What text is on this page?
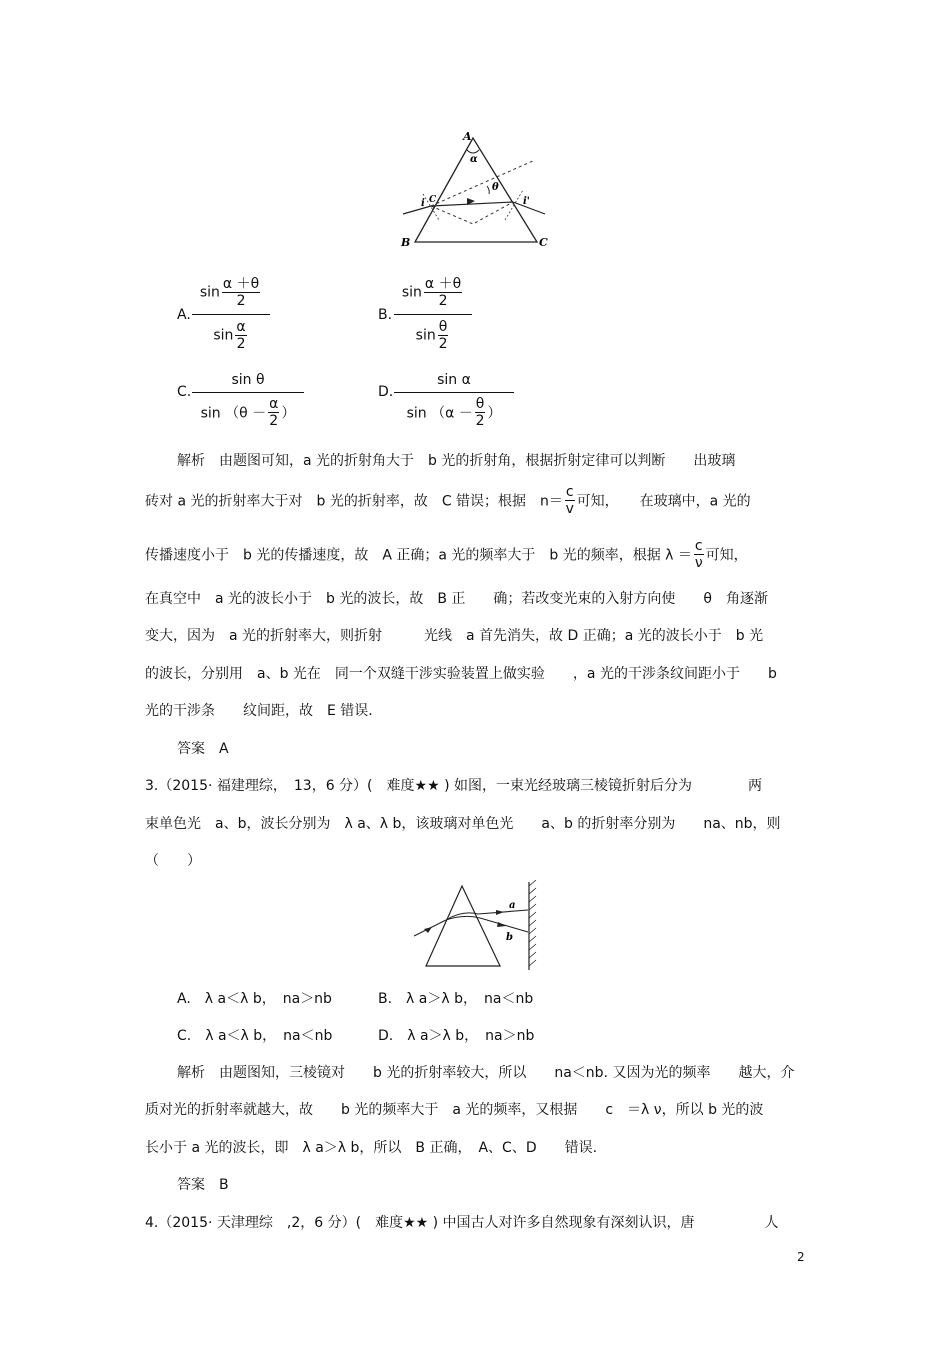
A
α
θ
i C	i'
B	C
A. $\frac{\sin \frac{\alpha +\theta}{2}}{\sin \frac{\alpha}{2}}$	B. $\frac{\sin \frac{\alpha +\theta}{2}}{\sin \frac{\theta}{2}}$
C. $\frac{\text{sin θ}}{\sin (\theta - \frac{\alpha}{2} )}$	D. $\frac{\text{sin α}}{\sin (\alpha - \frac{\theta}{2} )}$
解析　由题图可知，a 光的折射角大于　b 光的折射角，根据折射定律可以判断　　出玻璃
砖对 a 光的折射率大于对　b 光的折射率，故　C 错误；根据　$n= \frac{c}{v}$ 可知，　　在玻璃中，a 光的
传播速度小于　b 光的传播速度，故　A 正确；a 光的频率大于　b 光的频率，根据 $\lambda = \frac{c}{\nu}$ 可知，
在真空中　a 光的波长小于　b 光的波长，故　B 正　　确；若改变光束的入射方向使　　θ　角逐渐
变大，因为　a 光的折射率大，则折射　　　光线　a 首先消失，故 D 正确；a 光的波长小于　b 光
的波长，分别用　a、b 光在　同一个双缝干涉实验装置上做实验　　，a 光的干涉条纹间距小于　　b
光的干涉条　　纹间距，故　E 错误.
答案　A
3.（2015· 福建理综，　13，6 分）(　难度★★ ) 如图，一束光经玻璃三棱镜折射后分为　　　　两
束单色光　a、b，波长分别为　λ a、λ b，该玻璃对单色光　　a、b 的折射率分别为　　na、nb，则
（　　）
a
b
A.　λ a＜λ b，　na＞nb	B.　λ a＞λ b，　na＜nb
C.　λ a＜λ b，　na＜nb	D.　λ a＞λ b，　na＞nb
解析　由题图知，三棱镜对　　b 光的折射率较大，所以　　na＜nb. 又因为光的频率　　越大，介
质对光的折射率就越大，故　　b 光的频率大于　a 光的频率，又根据　　c　＝λ ν，所以 b 光的波
长小于 a 光的波长，即　λ a＞λ b，所以　B 正确，　A、C、D　　错误.
答案　B
4.（2015· 天津理综　,2，6 分）(　难度★★ ) 中国古人对许多自然现象有深刻认识，唐　　　　　人
2
